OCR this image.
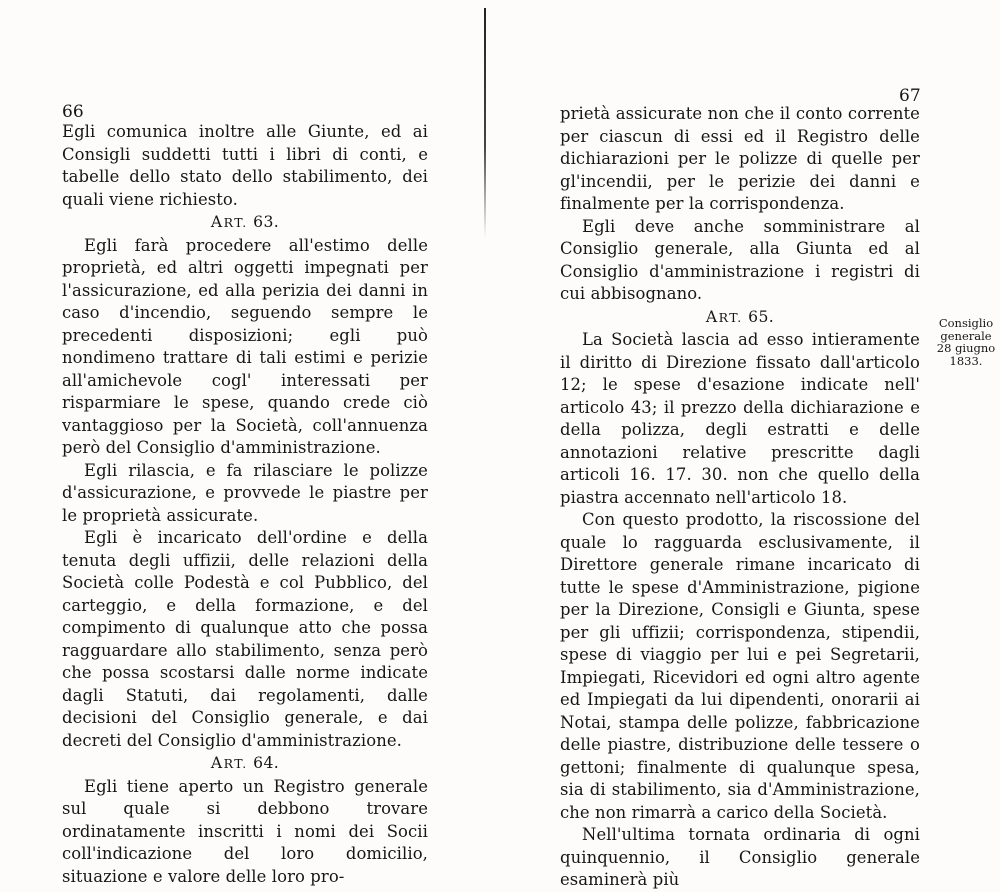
66

Egli comunica inoltre alle Giunte, ed ai Consigli suddetti tutti i libri di conti, e tabelle dello stato dello stabilimento, dei quali viene richiesto.

ART. 63.

Egli farà procedere all'estimo delle proprietà, ed altri oggetti impegnati per l'assicurazione, ed alla perizia dei danni in caso d'incendio, seguendo sempre le precedenti disposizioni; egli può nondimeno trattare di tali estimi e perizie all'amichevole cogl' interessati per risparmiare le spese, quando crede ciò vantaggioso per la Società, coll'annuenza però del Consiglio d'amministrazione.

Egli rilascia, e fa rilasciare le polizze d'assicurazione, e provvede le piastre per le proprietà assicurate.

Egli è incaricato dell'ordine e della tenuta degli uffizii, delle relazioni della Società colle Podestà e col Pubblico, del carteggio, e della formazione, e del compimento di qualunque atto che possa ragguardare allo stabilimento, senza però che possa scostarsi dalle norme indicate dagli Statuti, dai regolamenti, dalle decisioni del Consiglio generale, e dai decreti del Consiglio d'amministrazione.

ART. 64.

Egli tiene aperto un Registro generale sul quale si debbono trovare ordinatamente inscritti i nomi dei Socii coll'indicazione del loro domicilio, situazione e valore delle loro pro-

67

prietà assicurate non che il conto corrente per ciascun di essi ed il Registro delle dichiarazioni per le polizze di quelle per gl'incendii, per le perizie dei danni e finalmente per la corrispondenza.

Egli deve anche somministrare al Consiglio generale, alla Giunta ed al Consiglio d'amministrazione i registri di cui abbisognano.

ART. 65.

La Società lascia ad esso intieramente il diritto di Direzione fissato dall'articolo 12; le spese d'esazione indicate nell' articolo 43; il prezzo della dichiarazione e della polizza, degli estratti e delle annotazioni relative prescritte dagli articoli 16. 17. 30. non che quello della piastra accennato nell'articolo 18.

Con questo prodotto, la riscossione del quale lo ragguarda esclusivamente, il Direttore generale rimane incaricato di tutte le spese d'Amministrazione, pigione per la Direzione, Consigli e Giunta, spese per gli uffizii; corrispondenza, stipendii, spese di viaggio per lui e pei Segretarii, Impiegati, Ricevidori ed ogni altro agente ed Impiegati da lui dipendenti, onorarii ai Notai, stampa delle polizze, fabbricazione delle piastre, distribuzione delle tessere o gettoni; finalmente di qualunque spesa, sia di stabilimento, sia d'Amministrazione, che non rimarrà a carico della Società.

Nell'ultima tornata ordinaria di ogni quinquennio, il Consiglio generale esaminerà più

Consiglio
generale
28 giugno
1833.
